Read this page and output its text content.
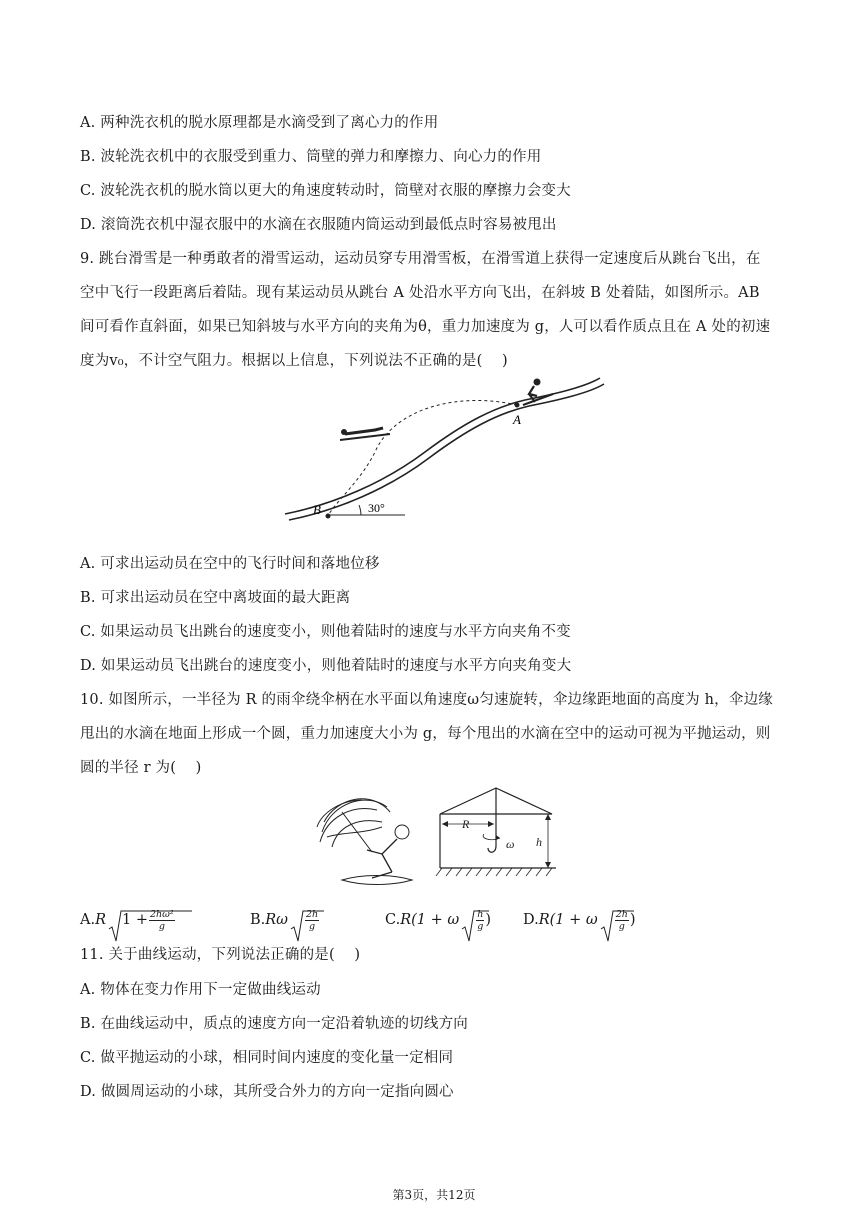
A. 两种洗衣机的脱水原理都是水滴受到了离心力的作用
B. 波轮洗衣机中的衣服受到重力、筒壁的弹力和摩擦力、向心力的作用
C. 波轮洗衣机的脱水筒以更大的角速度转动时，筒壁对衣服的摩擦力会变大
D. 滚筒洗衣机中湿衣服中的水滴在衣服随内筒运动到最低点时容易被甩出
9. 跳台滑雪是一种勇敢者的滑雪运动，运动员穿专用滑雪板，在滑雪道上获得一定速度后从跳台飞出，在
空中飞行一段距离后着陆。现有某运动员从跳台 A 处沿水平方向飞出，在斜坡 B 处着陆，如图所示。AB
间可看作直斜面，如果已知斜坡与水平方向的夹角为θ，重力加速度为 g，人可以看作质点且在 A 处的初速
度为v₀，不计空气阻力。根据以上信息，下列说法不正确的是(　 )
A
B	30°
A. 可求出运动员在空中的飞行时间和落地位移
B. 可求出运动员在空中离坡面的最大距离
C. 如果运动员飞出跳台的速度变小，则他着陆时的速度与水平方向夹角不变
D. 如果运动员飞出跳台的速度变小，则他着陆时的速度与水平方向夹角变大
10. 如图所示，一半径为 R 的雨伞绕伞柄在水平面以角速度ω匀速旋转，伞边缘距地面的高度为 h，伞边缘
甩出的水滴在地面上形成一个圆，重力加速度大小为 g，每个甩出的水滴在空中的运动可视为平抛运动，则
圆的半径 r 为(　 )
R
ω h
A. R $1 + \frac{\text{2hω²}}{g}$	B. Rω $\frac{2h}{g}$	C. R(1 + ω $\frac{h}{g}$ ) D. R(1 + ω $\frac{2h}{g}$ )
11. 关于曲线运动，下列说法正确的是(　 )
A. 物体在变力作用下一定做曲线运动
B. 在曲线运动中，质点的速度方向一定沿着轨迹的切线方向
C. 做平抛运动的小球，相同时间内速度的变化量一定相同
D. 做圆周运动的小球，其所受合外力的方向一定指向圆心
第3页，共12页
